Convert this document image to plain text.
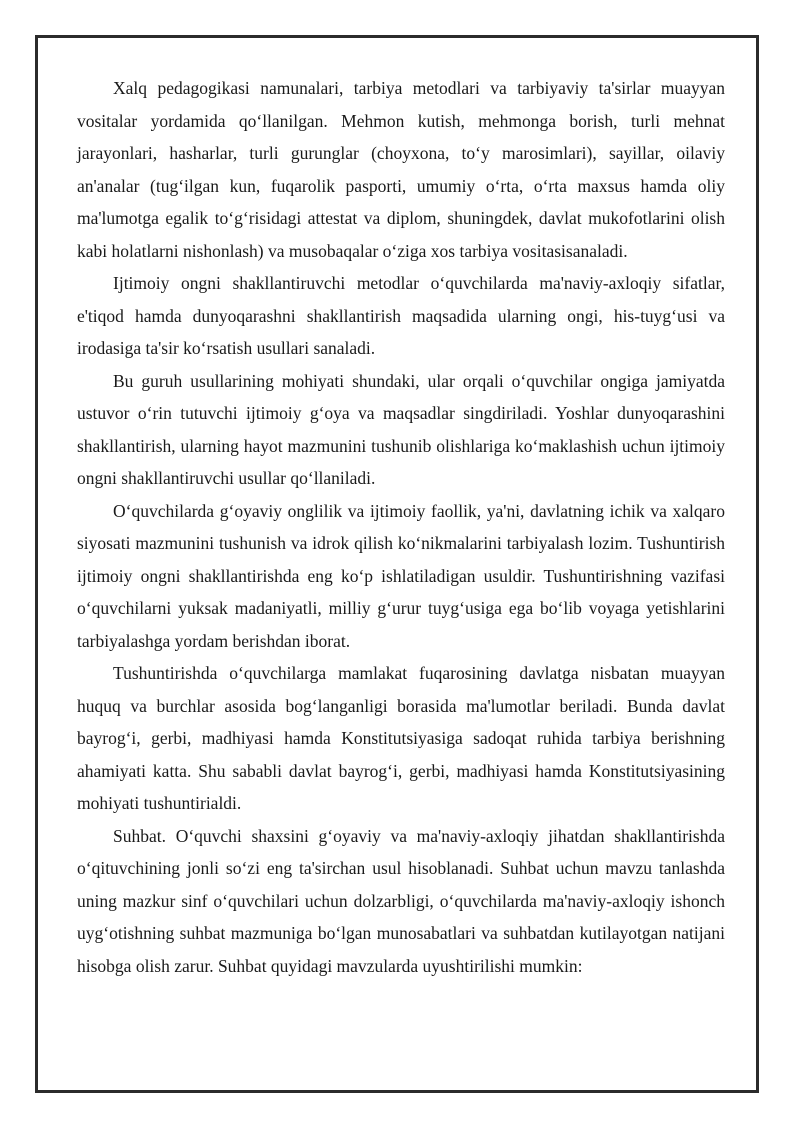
Xalq pedagogikasi namunalari, tarbiya metodlari va tarbiyaviy ta'sirlar muayyan vositalar yordamida qo‘llanilgan. Mehmon kutish, mehmonga borish, turli mehnat jarayonlari, hasharlar, turli gurunglar (choyxona, to‘y marosimlari), sayillar, oilaviy an'analar (tug‘ilgan kun, fuqarolik pasporti, umumiy o‘rta, o‘rta maxsus hamda oliy ma'lumotga egalik to‘g‘risidagi attestat va diplom, shuningdek, davlat mukofotlarini olish kabi holatlarni nishonlash) va musobaqalar o‘ziga xos tarbiya vositasisanaladi.

Ijtimoiy ongni shakllantiruvchi metodlar o‘quvchilarda ma'naviy-axloqiy sifatlar, e'tiqod hamda dunyoqarashni shakllantirish maqsadida ularning ongi, his-tuyg‘usi va irodasiga ta'sir ko‘rsatish usullari sanaladi.

Bu guruh usullarining mohiyati shundaki, ular orqali o‘quvchilar ongiga jamiyatda ustuvor o‘rin tutuvchi ijtimoiy g‘oya va maqsadlar singdiriladi. Yoshlar dunyoqarashini shakllantirish, ularning hayot mazmunini tushunib olishlariga ko‘maklashish uchun ijtimoiy ongni shakllantiruvchi usullar qo‘llaniladi.

O‘quvchilarda g‘oyaviy onglilik va ijtimoiy faollik, ya'ni, davlatning ichik va xalqaro siyosati mazmunini tushunish va idrok qilish ko‘nikmalarini tarbiyalash lozim. Tushuntirish ijtimoiy ongni shakllantirishda eng ko‘p ishlatiladigan usuldir. Tushuntirishning vazifasi o‘quvchilarni yuksak madaniyatli, milliy g‘urur tuyg‘usiga ega bo‘lib voyaga yetishlarini tarbiyalashga yordam berishdan iborat.

Tushuntirishda o‘quvchilarga mamlakat fuqarosining davlatga nisbatan muayyan huquq va burchlar asosida bog‘langanligi borasida ma'lumotlar beriladi. Bunda davlat bayrog‘i, gerbi, madhiyasi hamda Konstitutsiyasiga sadoqat ruhida tarbiya berishning ahamiyati katta. Shu sababli davlat bayrog‘i, gerbi, madhiyasi hamda Konstitutsiyasining mohiyati tushuntirialdi.

Suhbat. O‘quvchi shaxsini g‘oyaviy va ma'naviy-axloqiy jihatdan shakllantirishda o‘qituvchining jonli so‘zi eng ta'sirchan usul hisoblanadi. Suhbat uchun mavzu tanlashda uning mazkur sinf o‘quvchilari uchun dolzarbligi, o‘quvchilarda ma'naviy-axloqiy ishonch uyg‘otishning suhbat mazmuniga bo‘lgan munosabatlari va suhbatdan kutilayotgan natijani hisobga olish zarur. Suhbat quyidagi mavzularda uyushtirilishi mumkin:
